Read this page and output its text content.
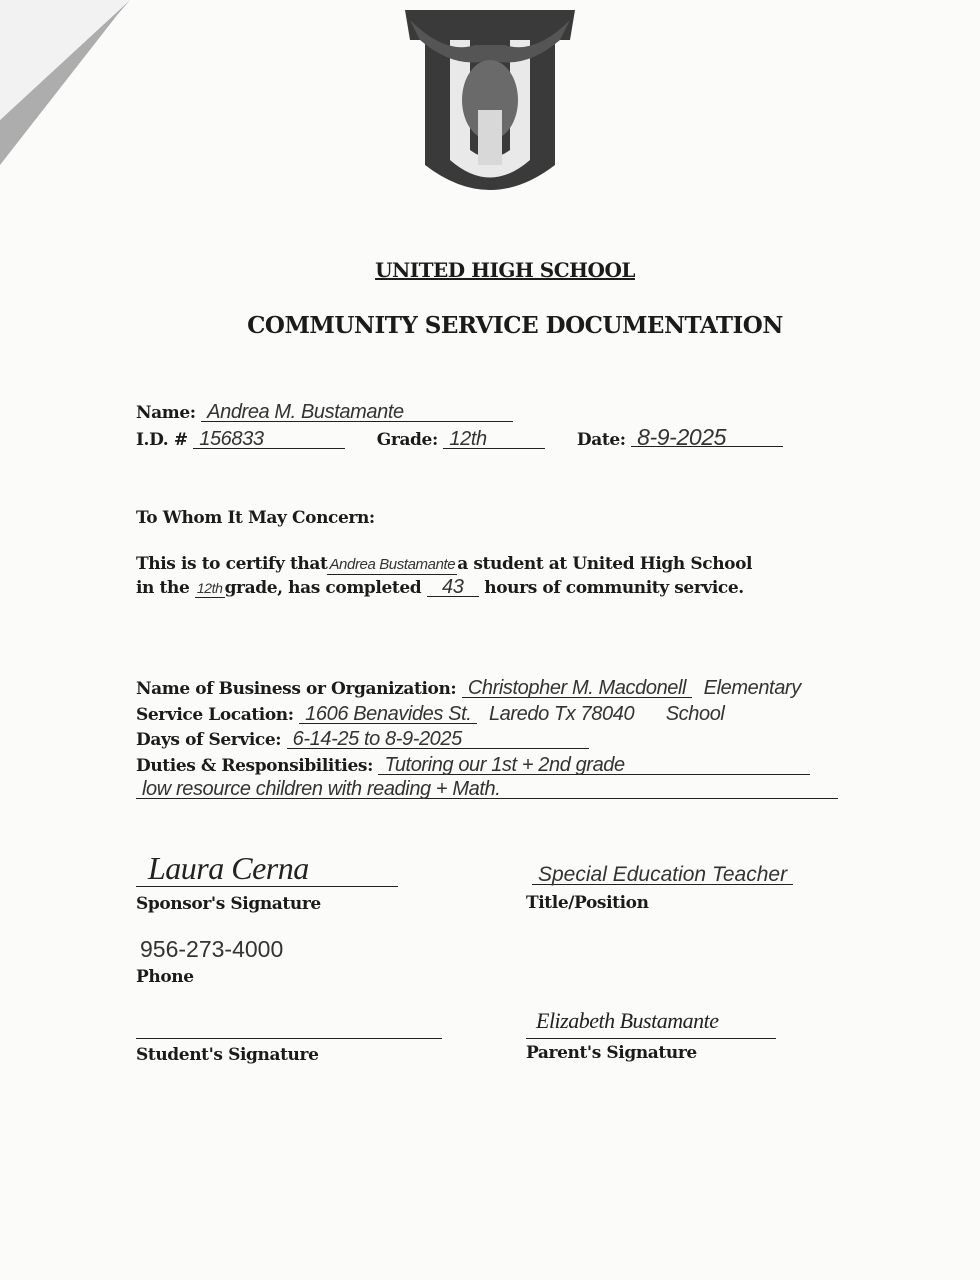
UNITED HIGH SCHOOL
COMMUNITY SERVICE DOCUMENTATION
Name: Andrea M. Bustamante
I.D. # 156833	Grade: 12th	Date: 8-9-2025
To Whom It May Concern:
This is to certify that Andrea Bustamante a student at United High School
in the 12th grade, has completed 43 hours of community service.
Name of Business or Organization: Christopher M. Macdonell Elementary
Service Location: 1606 Benavides St. Laredo Tx 78040 School
Days of Service: 6-14-25 to 8-9-2025
Duties & Responsibilities: Tutoring our 1st + 2nd grade
low resource children with reading + Math.
Laura Cerna
Sponsor's Signature
Special Education Teacher
Title/Position
956-273-4000
Phone
Student's Signature
Elizabeth Bustamante
Parent's Signature
